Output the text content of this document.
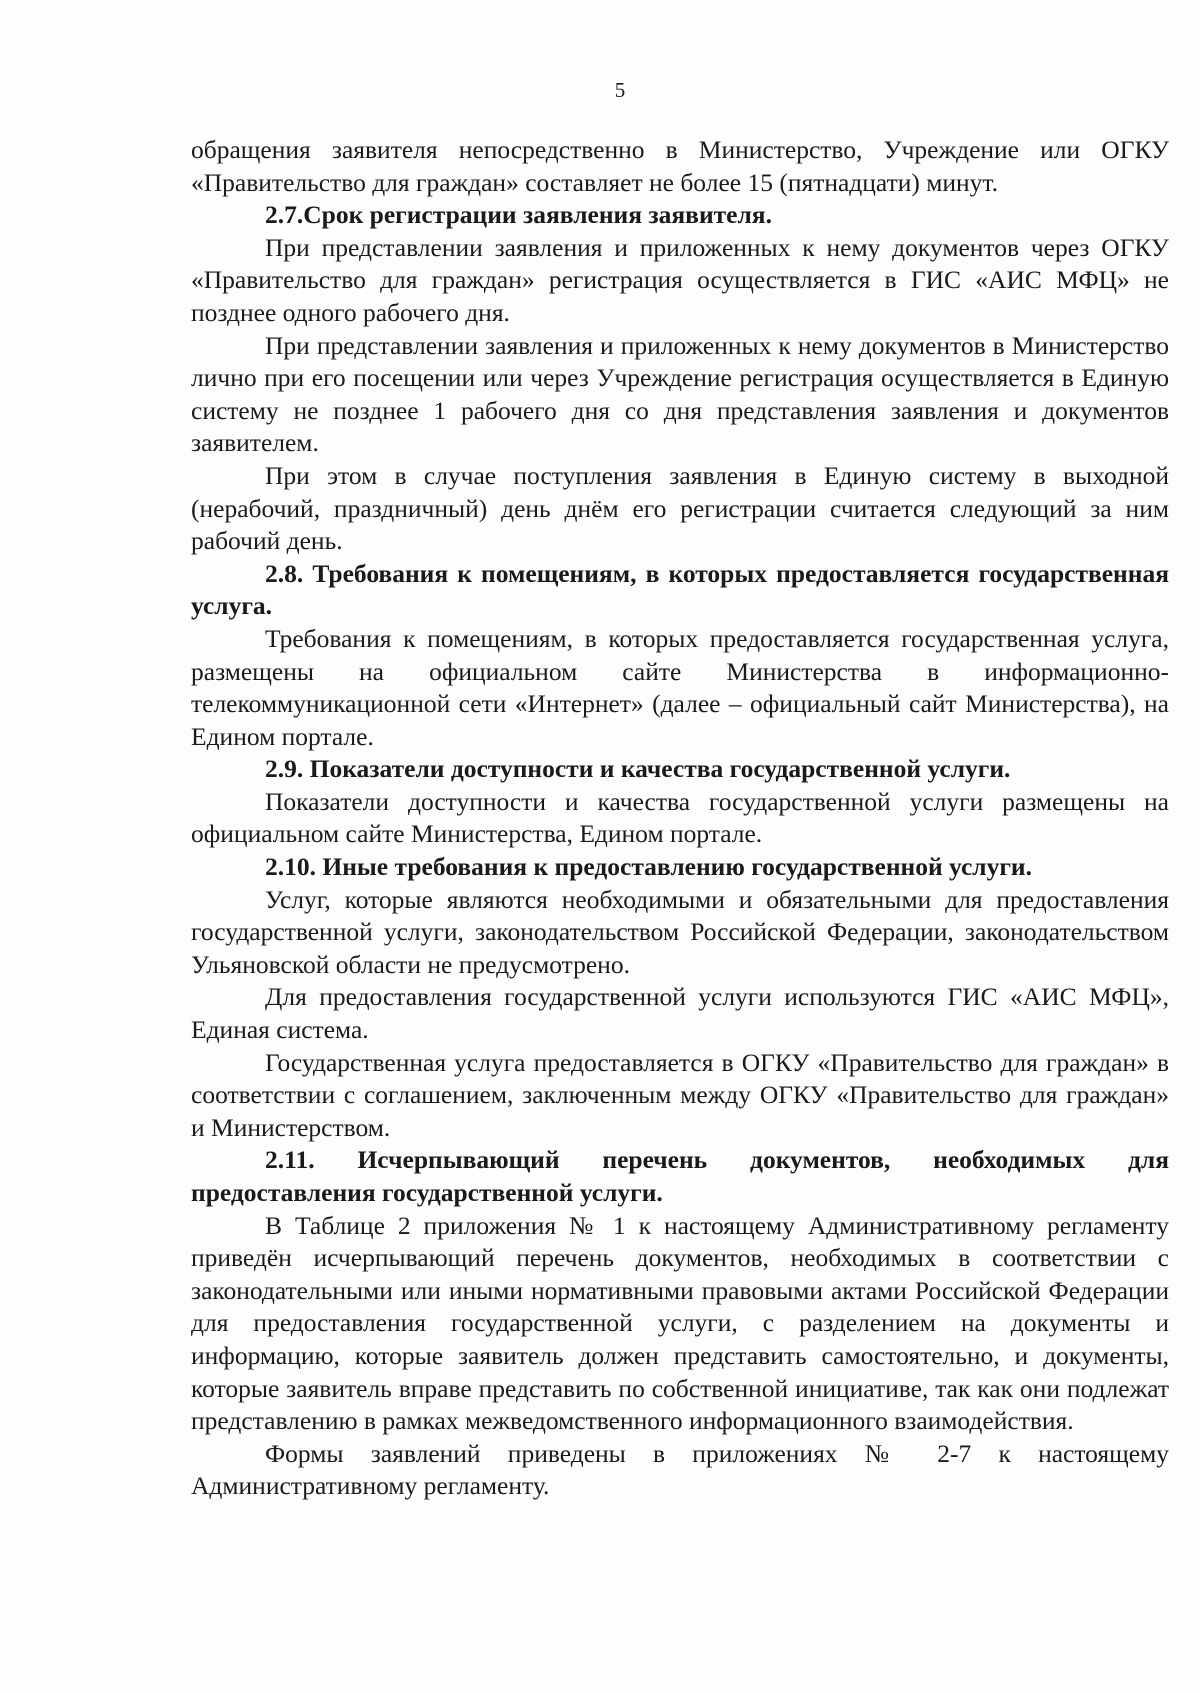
5

обращения заявителя непосредственно в Министерство, Учреждение или ОГКУ «Правительство для граждан» составляет не более 15 (пятнадцати) минут.

2.7.Срок регистрации заявления заявителя.

При представлении заявления и приложенных к нему документов через ОГКУ «Правительство для граждан» регистрация осуществляется в ГИС «АИС МФЦ» не позднее одного рабочего дня.

При представлении заявления и приложенных к нему документов в Министерство лично при его посещении или через Учреждение регистрация осуществляется в Единую систему не позднее 1 рабочего дня со дня представления заявления и документов заявителем.

При этом в случае поступления заявления в Единую систему в выходной (нерабочий, праздничный) день днём его регистрации считается следующий за ним рабочий день.

2.8. Требования к помещениям, в которых предоставляется государственная услуга.

Требования к помещениям, в которых предоставляется государственная услуга, размещены на официальном сайте Министерства в информационно-телекоммуникационной сети «Интернет» (далее – официальный сайт Министерства), на Едином портале.

2.9. Показатели доступности и качества государственной услуги.

Показатели доступности и качества государственной услуги размещены на официальном сайте Министерства, Едином портале.

2.10. Иные требования к предоставлению государственной услуги.

Услуг, которые являются необходимыми и обязательными для предоставления государственной услуги, законодательством Российской Федерации, законодательством Ульяновской области не предусмотрено.

Для предоставления государственной услуги используются ГИС «АИС МФЦ», Единая система.

Государственная услуга предоставляется в ОГКУ «Правительство для граждан» в соответствии с соглашением, заключенным между ОГКУ «Правительство для граждан» и Министерством.

2.11. Исчерпывающий перечень документов, необходимых для предоставления государственной услуги.

В Таблице 2 приложения № 1 к настоящему Административному регламенту приведён исчерпывающий перечень документов, необходимых в соответствии с законодательными или иными нормативными правовыми актами Российской Федерации для предоставления государственной услуги, с разделением на документы и информацию, которые заявитель должен представить самостоятельно, и документы, которые заявитель вправе представить по собственной инициативе, так как они подлежат представлению в рамках межведомственного информационного взаимодействия.

Формы заявлений приведены в приложениях № 2-7 к настоящему Административному регламенту.
